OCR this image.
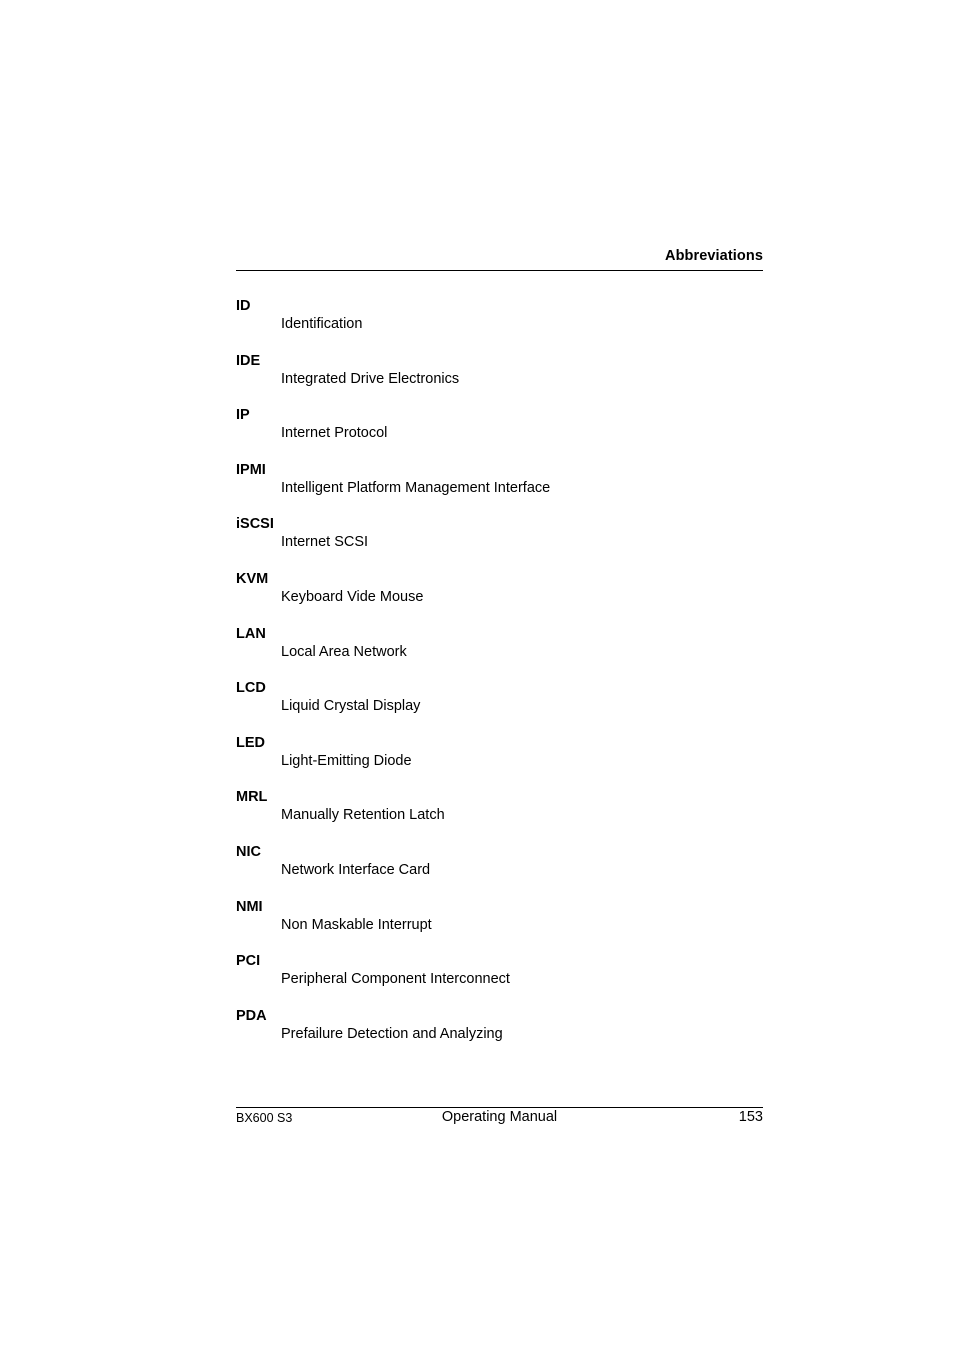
Abbreviations
ID
Identification
IDE
Integrated Drive Electronics
IP
Internet Protocol
IPMI
Intelligent Platform Management Interface
iSCSI
Internet SCSI
KVM
Keyboard Vide Mouse
LAN
Local Area Network
LCD
Liquid Crystal Display
LED
Light-Emitting Diode
MRL
Manually Retention Latch
NIC
Network Interface Card
NMI
Non Maskable Interrupt
PCI
Peripheral Component Interconnect
PDA
Prefailure Detection and Analyzing
BX600 S3	Operating Manual	153
